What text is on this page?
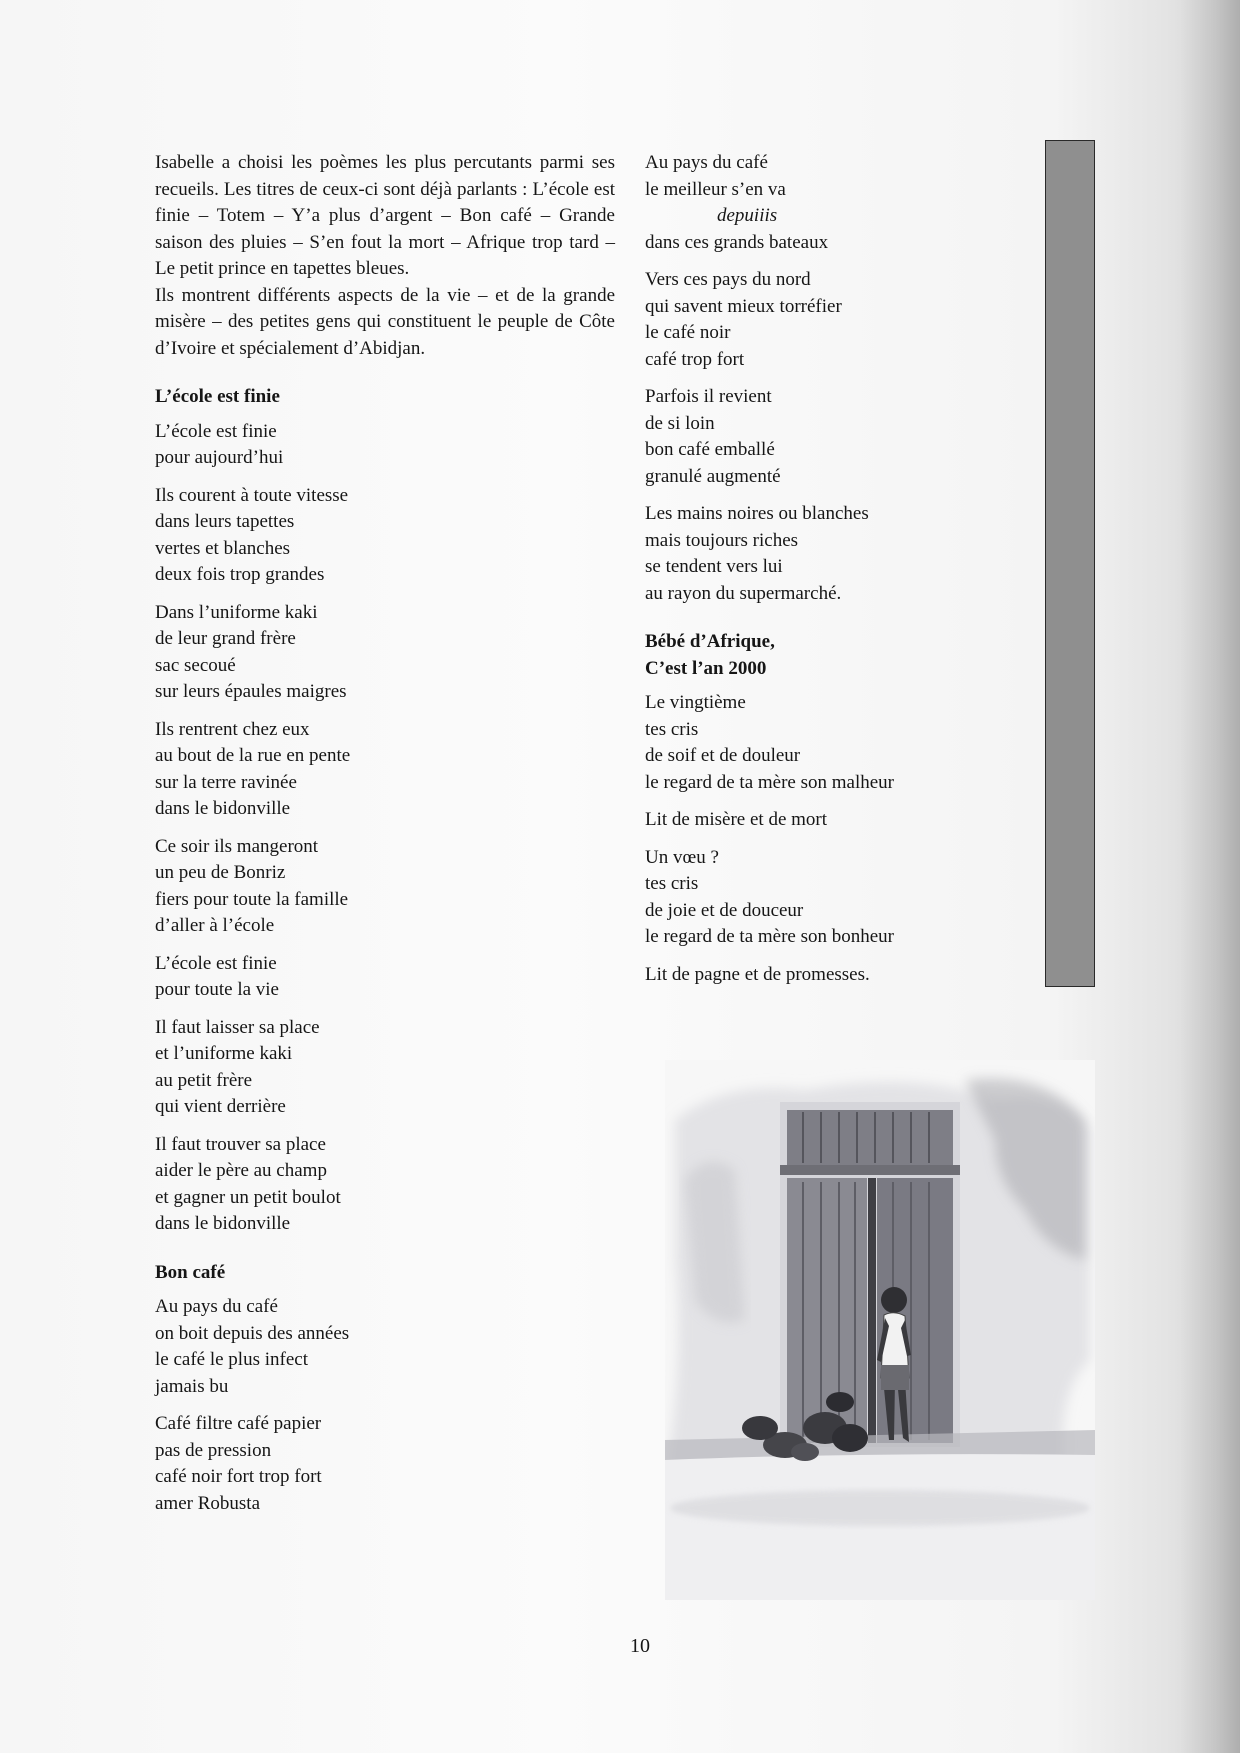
Isabelle a choisi les poèmes les plus percutants parmi ses recueils. Les titres de ceux-ci sont déjà parlants : L’école est finie – Totem – Y’a plus d’argent – Bon café – Grande saison des pluies – S’en fout la mort – Afrique trop tard – Le petit prince en tapettes bleues.

Ils montrent différents aspects de la vie – et de la grande misère – des petites gens qui constituent le peuple de Côte d’Ivoire et spécialement d’Abidjan.

L’école est finie
L’école est finie
pour aujourd’hui
Ils courent à toute vitesse
dans leurs tapettes
vertes et blanches
deux fois trop grandes
Dans l’uniforme kaki
de leur grand frère
sac secoué
sur leurs épaules maigres
Ils rentrent chez eux
au bout de la rue en pente
sur la terre ravinée
dans le bidonville
Ce soir ils mangeront
un peu de Bonriz
fiers pour toute la famille
d’aller à l’école
L’école est finie
pour toute la vie
Il faut laisser sa place
et l’uniforme kaki
au petit frère
qui vient derrière
Il faut trouver sa place
aider le père au champ
et gagner un petit boulot
dans le bidonville
Bon café
Au pays du café
on boit depuis des années
le café le plus infect
jamais bu
Café filtre café papier
pas de pression
café noir fort trop fort
amer Robusta
Au pays du café
le meilleur s’en va
depuiiis
dans ces grands bateaux
Vers ces pays du nord
qui savent mieux torréfier
le café noir
café trop fort
Parfois il revient
de si loin
bon café emballé
granulé augmenté
Les mains noires ou blanches
mais toujours riches
se tendent vers lui
au rayon du supermarché.
Bébé d’Afrique,
C’est l’an 2000
Le vingtième
tes cris
de soif et de douleur
le regard de ta mère son malheur
Lit de misère et de mort
Un vœu ?
tes cris
de joie et de douceur
le regard de ta mère son bonheur
Lit de pagne et de promesses.
10
